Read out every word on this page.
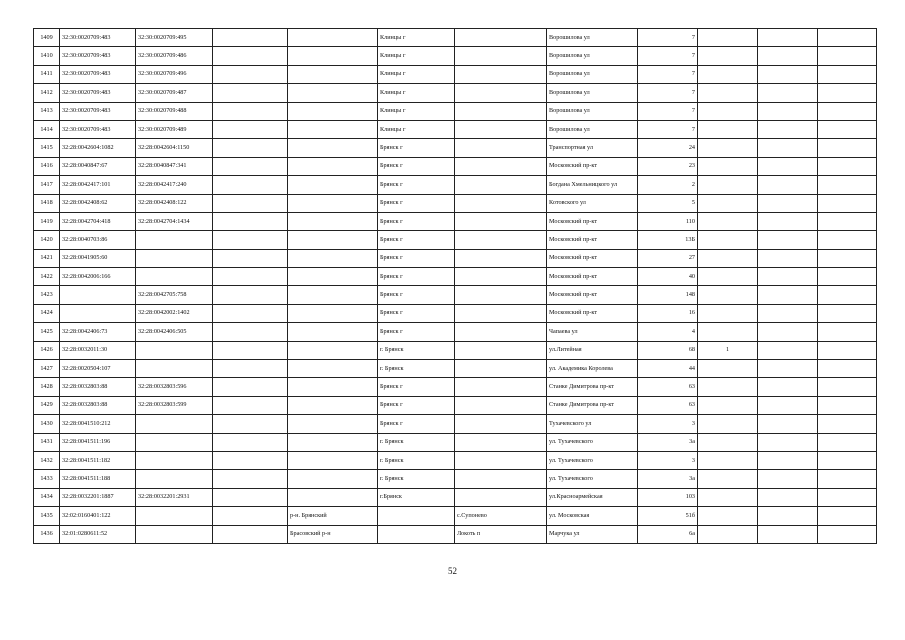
1409	32:30:0020709:483	32:30:0020709:495			Клинцы г		Ворошилова ул	7			
1410	32:30:0020709:483	32:30:0020709:486			Клинцы г		Ворошилова ул	7			
1411	32:30:0020709:483	32:30:0020709:496			Клинцы г		Ворошилова ул	7			
1412	32:30:0020709:483	32:30:0020709:487			Клинцы г		Ворошилова ул	7			
1413	32:30:0020709:483	32:30:0020709:488			Клинцы г		Ворошилова ул	7			
1414	32:30:0020709:483	32:30:0020709:489			Клинцы г		Ворошилова ул	7			
1415	32:28:0042604:1082	32:28:0042604:1150			Брянск г		Транспортная ул	24			
1416	32:28:0040847:67	32:28:0040847:341			Брянск г		Московский пр-кт	23			
1417	32:28:0042417:101	32:28:0042417:240			Брянск г		Богдана Хмельницкого ул	2			
1418	32:28:0042408:62	32:28:0042408:122			Брянск г		Котовского ул	5			
1419	32:28:0042704:418	32:28:0042704:1434			Брянск г		Московский пр-кт	110			
1420	32:28:0040703:86				Брянск г		Московский пр-кт	13Б			
1421	32:28:0041905:60				Брянск г		Московский пр-кт	27			
1422	32:28:0042006:166				Брянск г		Московский пр-кт	40			
1423		32:28:0042705:758			Брянск г		Московский пр-кт	148			
1424		32:28:0042002:1402			Брянск г		Московский пр-кт	16			
1425	32:28:0042406:73	32:28:0042406:505			Брянск г		Чапаева ул	4			
1426	32:28:0032011:30				г. Брянск		ул.Литейная	68	1		
1427	32:28:0020504:107				г. Брянск		ул. Академика Королева	44			
1428	32:28:0032803:88	32:28:0032803:596			Брянск г		Станке Димитрова пр-кт	63			
1429	32:28:0032803:88	32:28:0032803:599			Брянск г		Станке Димитрова пр-кт	63			
1430	32:28:0041510:212				Брянск г		Тухачевского ул	3			
1431	32:28:0041511:196				г. Брянск		ул. Тухачевского	3а			
1432	32:28:0041511:182				г. Брянск		ул. Тухачевского	3			
1433	32:28:0041511:188				г. Брянск		ул. Тухачевского	3а			
1434	32:28:0032201:1887	32:28:0032201:2931			г.Брянск		ул.Красноармейская	103			
1435	32:02:0160401:122			р-н. Брянский		с.Супонево	ул. Московская	51б			
1436	32:01:0280611:52			Брасовский р-н		Локоть п	Марчука ул	6а			
52
